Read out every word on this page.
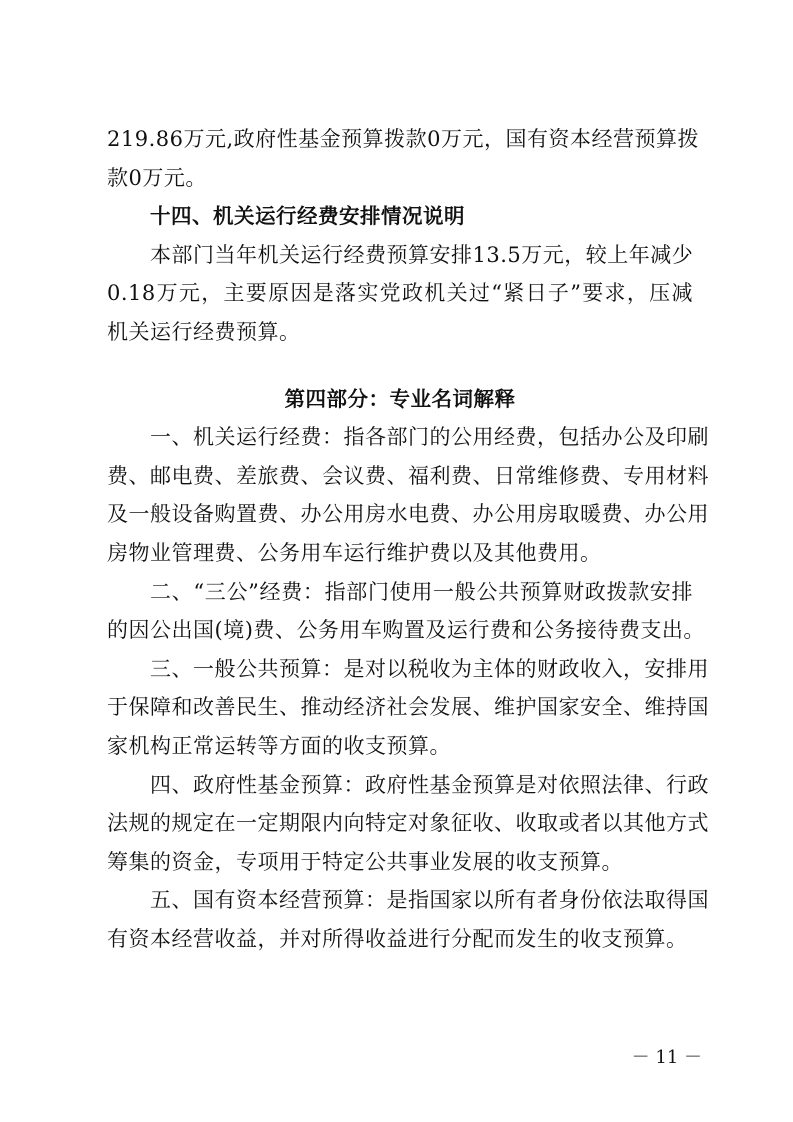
219.86万元,政府性基金预算拨款0万元，国有资本经营预算拨
款0万元。
十四、机关运行经费安排情况说明
本部门当年机关运行经费预算安排13.5万元，较上年减少
0.18万元，主要原因是落实党政机关过“紧日子”要求，压减
机关运行经费预算。
第四部分：专业名词解释
一、机关运行经费：指各部门的公用经费，包括办公及印刷
费、邮电费、差旅费、会议费、福利费、日常维修费、专用材料
及一般设备购置费、办公用房水电费、办公用房取暖费、办公用
房物业管理费、公务用车运行维护费以及其他费用。
二、“三公”经费：指部门使用一般公共预算财政拨款安排
的因公出国(境)费、公务用车购置及运行费和公务接待费支出。
三、一般公共预算：是对以税收为主体的财政收入，安排用
于保障和改善民生、推动经济社会发展、维护国家安全、维持国
家机构正常运转等方面的收支预算。
四、政府性基金预算：政府性基金预算是对依照法律、行政
法规的规定在一定期限内向特定对象征收、收取或者以其他方式
筹集的资金，专项用于特定公共事业发展的收支预算。
五、国有资本经营预算：是指国家以所有者身份依法取得国
有资本经营收益，并对所得收益进行分配而发生的收支预算。
－ 11 －
